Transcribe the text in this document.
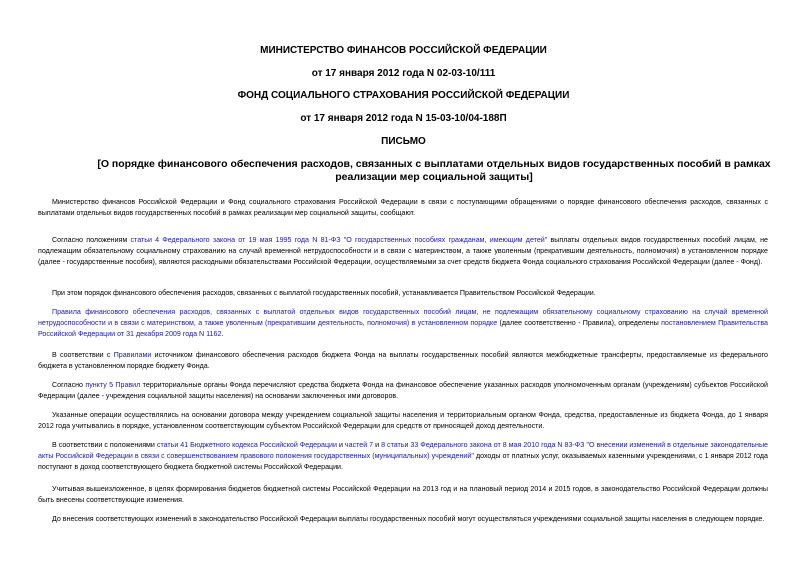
МИНИСТЕРСТВО ФИНАНСОВ РОССИЙСКОЙ ФЕДЕРАЦИИ
от 17 января 2012 года N 02-03-10/111
ФОНД СОЦИАЛЬНОГО СТРАХОВАНИЯ РОССИЙСКОЙ ФЕДЕРАЦИИ
от 17 января 2012 года N 15-03-10/04-188П
ПИСЬМО
[О порядке финансового обеспечения расходов, связанных с выплатами отдельных видов государственных пособий в рамках реализации мер социальной защиты]
Министерство финансов Российской Федерации и Фонд социального страхования Российской Федерации в связи с поступающими обращениями о порядке финансового обеспечения расходов, связанных с выплатами отдельных видов государственных пособий в рамках реализации мер социальной защиты, сообщают.
Согласно положениям статьи 4 Федерального закона от 19 мая 1995 года N 81-ФЗ "О государственных пособиях гражданам, имеющим детей" выплаты отдельных видов государственных пособий лицам, не подлежащим обязательному социальному страхованию на случай временной нетрудоспособности и в связи с материнством, а также уволенным (прекратившим деятельность, полномочия) в установленном порядке (далее - государственные пособия), являются расходными обязательствами Российской Федерации, осуществляемыми за счет средств бюджета Фонда социального страхования Российской Федерации (далее - Фонд).
При этом порядок финансового обеспечения расходов, связанных с выплатой государственных пособий, устанавливается Правительством Российской Федерации.
Правила финансового обеспечения расходов, связанных с выплатой отдельных видов государственных пособий лицам, не подлежащим обязательному социальному страхованию на случай временной нетрудоспособности и в связи с материнством, а также уволенным (прекратившим деятельность, полномочия) в установленном порядке (далее соответственно - Правила), определены постановлением Правительства Российской Федерации от 31 декабря 2009 года N 1162.
В соответствии с Правилами источником финансового обеспечения расходов бюджета Фонда на выплаты государственных пособий являются межбюджетные трансферты, предоставляемые из федерального бюджета в установленном порядке бюджету Фонда.
Согласно пункту 5 Правил территориальные органы Фонда перечисляют средства бюджета Фонда на финансовое обеспечение указанных расходов уполномоченным органам (учреждениям) субъектов Российской Федерации (далее - учреждения социальной защиты населения) на основании заключенных ими договоров.
Указанные операции осуществлялись на основании договора между учреждением социальной защиты населения и территориальным органом Фонда, средства, предоставленные из бюджета Фонда, до 1 января 2012 года учитывались в порядке, установленном соответствующим субъектом Российской Федерации для средств от приносящей доход деятельности.
В соответствии с положениями статьи 41 Бюджетного кодекса Российской Федерации и частей 7 и 8 статьи 33 Федерального закона от 8 мая 2010 года N 83-ФЗ "О внесении изменений в отдельные законодательные акты Российской Федерации в связи с совершенствованием правового положения государственных (муниципальных) учреждений" доходы от платных услуг, оказываемых казенными учреждениями, с 1 января 2012 года поступают в доход соответствующего бюджета бюджетной системы Российской Федерации.
Учитывая вышеизложенное, в целях формирования бюджетов бюджетной системы Российской Федерации на 2013 год и на плановый период 2014 и 2015 годов, в законодательство Российской Федерации должны быть внесены соответствующие изменения.
До внесения соответствующих изменений в законодательство Российской Федерации выплаты государственных пособий могут осуществляться учреждениями социальной защиты населения в следующем порядке.
